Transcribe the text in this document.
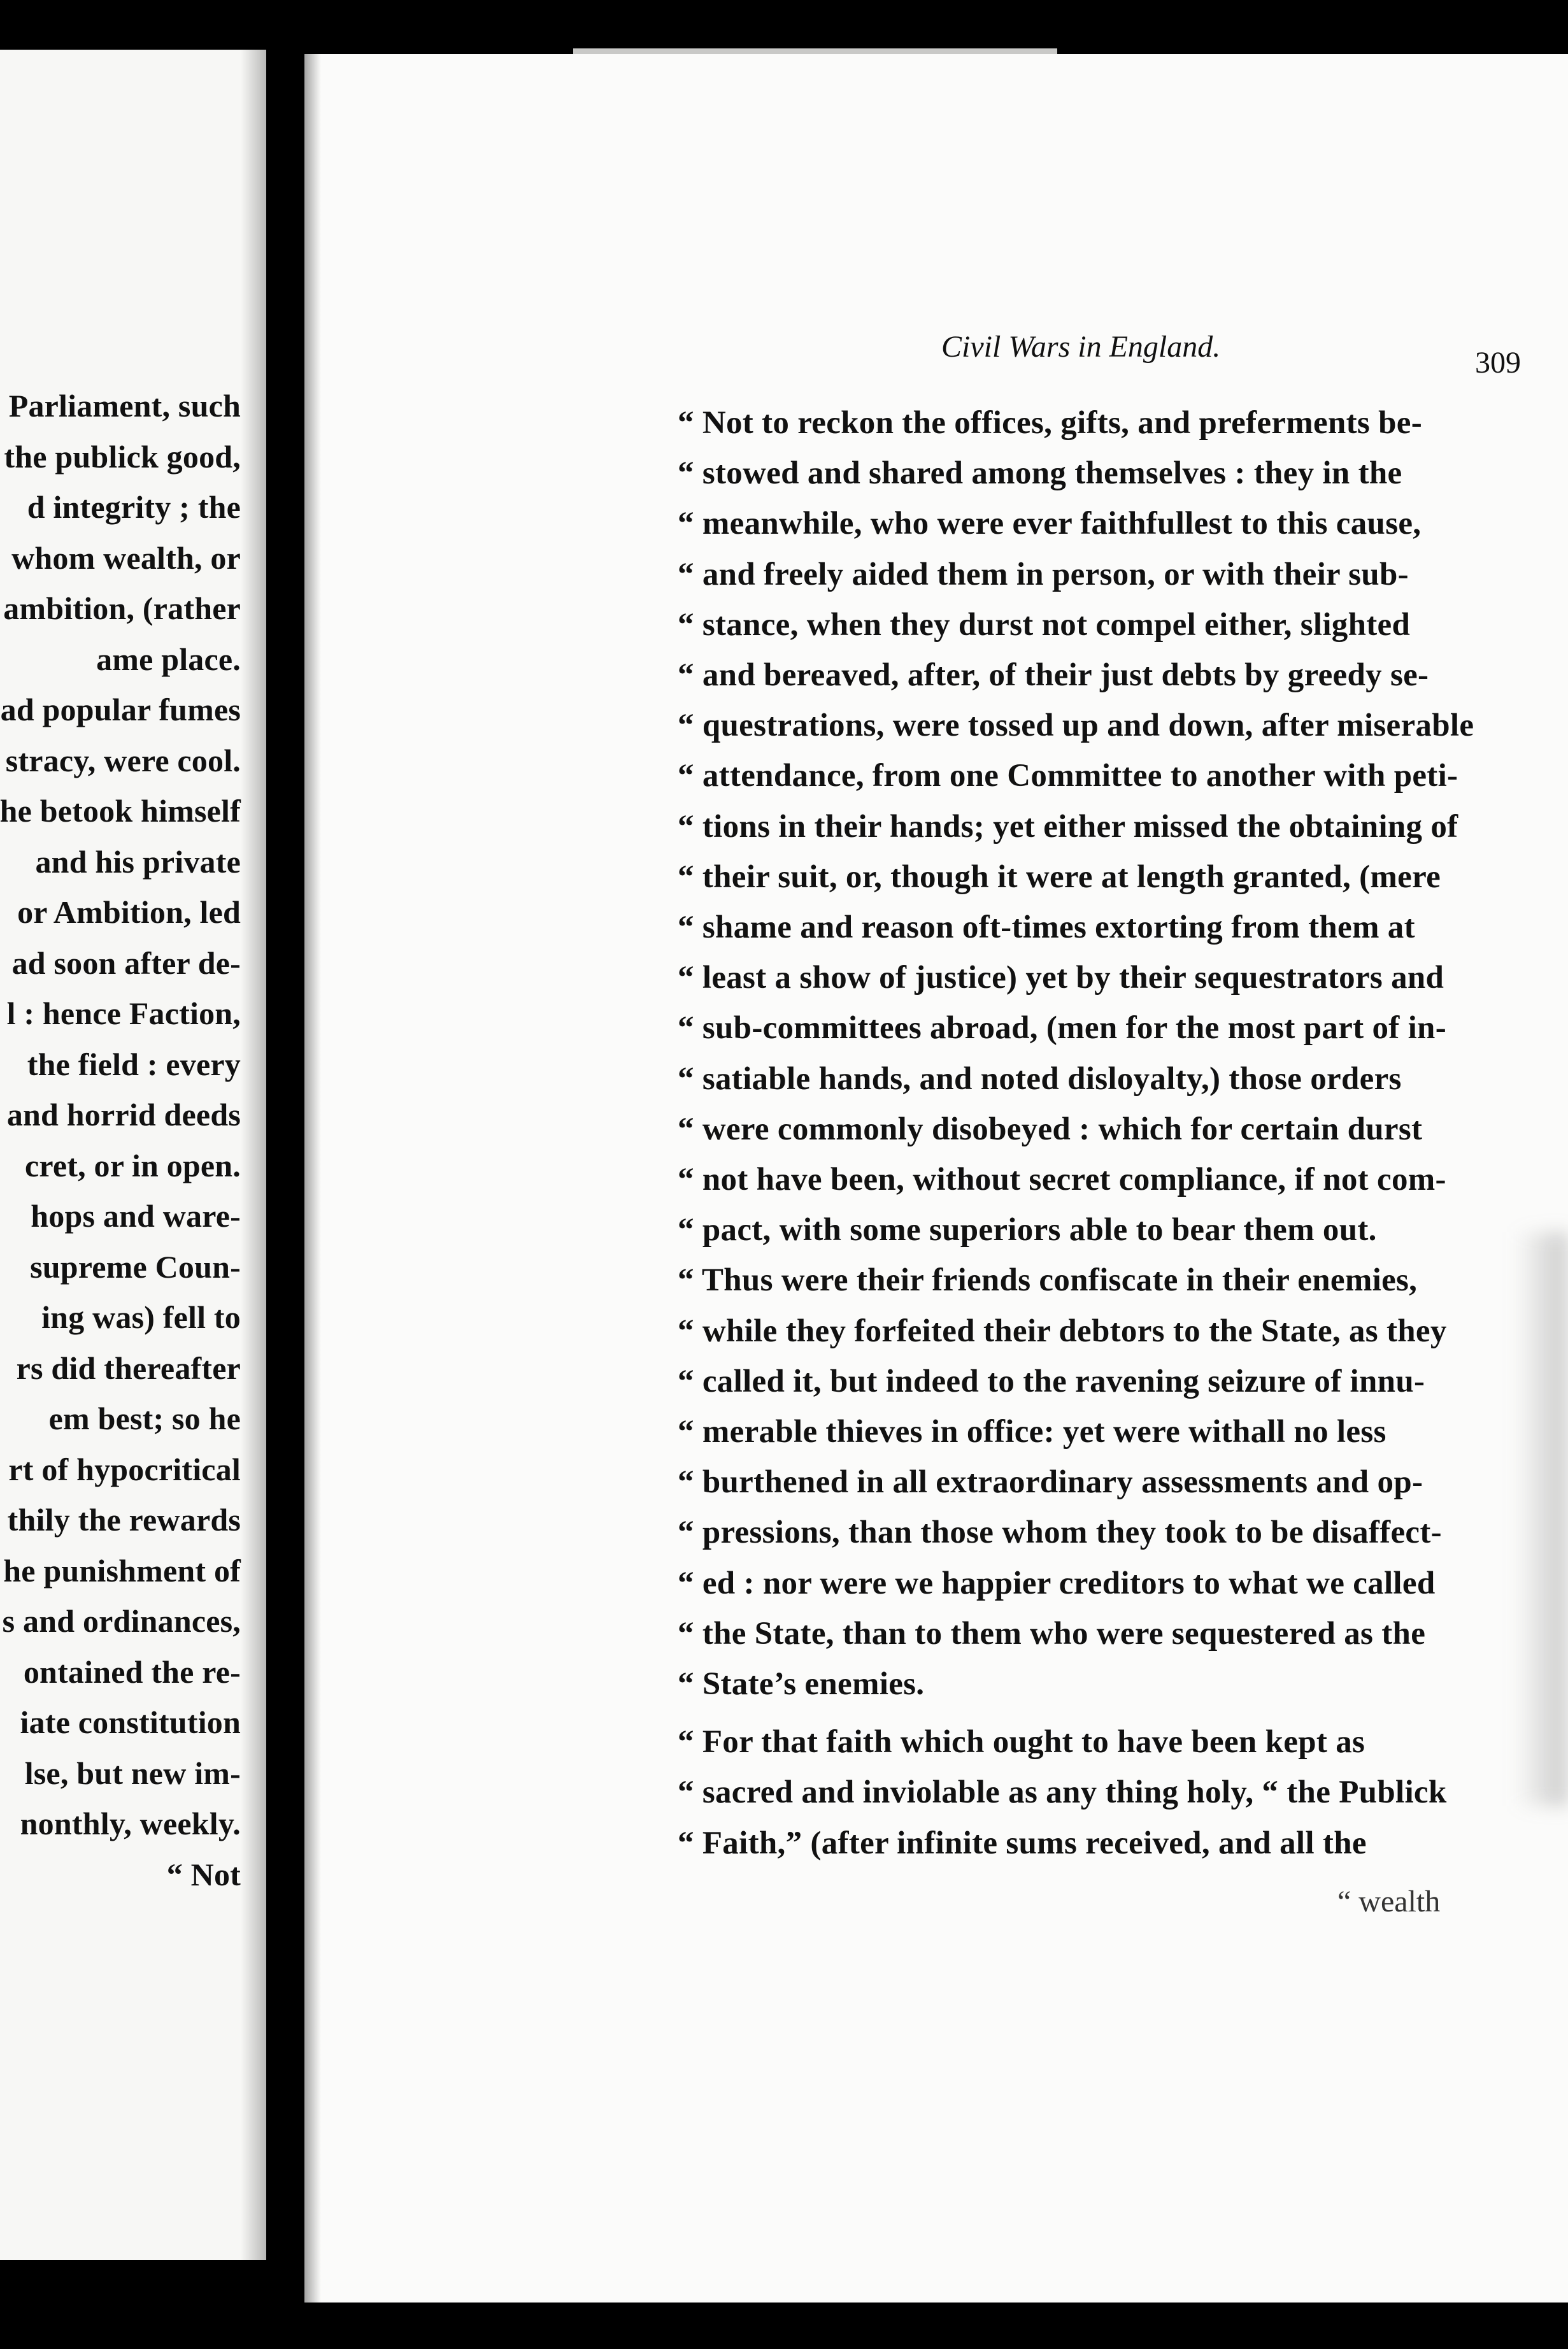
Parliament, such
the publick good,
d integrity ; the
whom wealth, or
ambition, (rather
ame place.
ad popular fumes
stracy, were cool.
he betook himself
and his private
or Ambition, led
ad soon after de-
l : hence Faction,
the field : every
and horrid deeds
cret, or in open.
hops and ware-
supreme Coun-
ing was) fell to
rs did thereafter
em best; so he
rt of hypocritical
thily the rewards
he punishment of
s and ordinances,
ontained the re-
iate constitution
lse, but new im-
nonthly, weekly.
“ Not
Civil Wars in England.	309
“ Not to reckon the offices, gifts, and preferments be-
“ stowed and shared among themselves : they in the
“ meanwhile, who were ever faithfullest to this cause,
“ and freely aided them in person, or with their sub-
“ stance, when they durst not compel either, slighted
“ and bereaved, after, of their just debts by greedy se-
“ questrations, were tossed up and down, after miserable
“ attendance, from one Committee to another with peti-
“ tions in their hands; yet either missed the obtaining of
“ their suit, or, though it were at length granted, (mere
“ shame and reason oft-times extorting from them at
“ least a show of justice) yet by their sequestrators and
“ sub-committees abroad, (men for the most part of in-
“ satiable hands, and noted disloyalty,) those orders
“ were commonly disobeyed : which for certain durst
“ not have been, without secret compliance, if not com-
“ pact, with some superiors able to bear them out.
“ Thus were their friends confiscate in their enemies,
“ while they forfeited their debtors to the State, as they
“ called it, but indeed to the ravening seizure of innu-
“ merable thieves in office: yet were withall no less
“ burthened in all extraordinary assessments and op-
“ pressions, than those whom they took to be disaffect-
“ ed : nor were we happier creditors to what we called
“ the State, than to them who were sequestered as the
“ State’s enemies.
“ For that faith which ought to have been kept as
“ sacred and inviolable as any thing holy, “ the Publick
“ Faith,” (after infinite sums received, and all the
“ wealth
